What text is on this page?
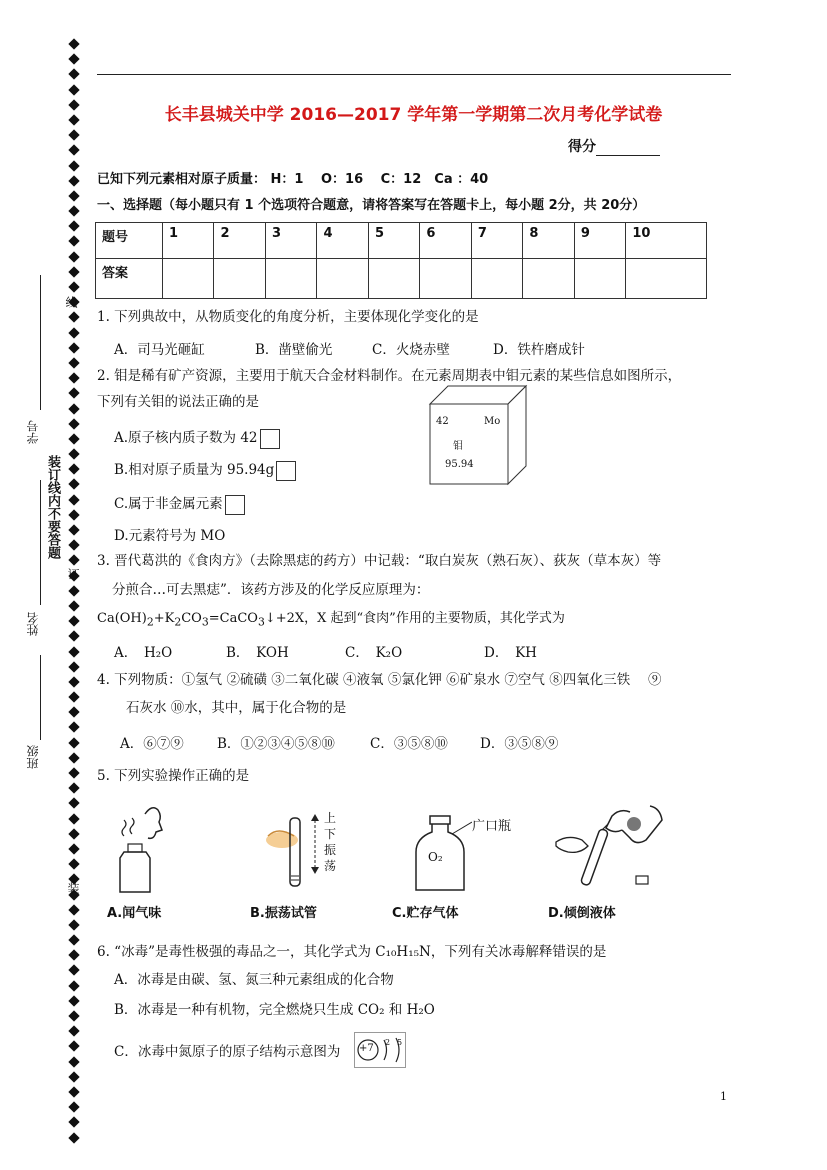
长丰县城关中学 2016—2017 学年第一学期第二次月考化学试卷
得分
已知下列元素相对原子质量： H：1　 O：16　 C：12　Ca ：40
一、选择题（每小题只有 1 个选项符合题意，请将答案写在答题卡上，每小题 2分，共 20分）
题号	1	2	3	4	5	6	7	8	9	10
答案										
1. 下列典故中，从物质变化的角度分析，主要体现化学变化的是
A．司马光砸缸	B．凿壁偷光	C．火烧赤壁	D．铁杵磨成针
2. 钼是稀有矿产资源，主要用于航天合金材料制作。在元素周期表中钼元素的某些信息如图所示，
下列有关钼的说法正确的是
A.原子核内质子数为 42
B.相对原子质量为 95.94g
C.属于非金属元素
D.元素符号为 MO
42	Mo
钼
95.94
3. 晋代葛洪的《食肉方》（去除黑痣的药方）中记载：“取白炭灰（熟石灰）、荻灰（草本灰）等
分煎合…可去黑痣”．该药方涉及的化学反应原理为：
$Ca(OH)_2+K_2CO_3=CaCO_3↓+2X$，X 起到“食肉”作用的主要物质，其化学式为
A．　H₂O	B．　KOH	C．　K₂O	D．　KH
4. 下列物质：①氢气 ②硫磺 ③二氧化碳 ④液氧 ⑤氯化钾 ⑥矿泉水 ⑦空气 ⑧四氧化三铁　 ⑨
石灰水 ⑩水，其中，属于化合物的是
A．⑥⑦⑨ B．①②③④⑤⑧⑩	C．③⑤⑧⑩ D．③⑤⑧⑨
5. 下列实验操作正确的是
A.闻气味
上
下
振
荡
B.振荡试管
广口瓶
O₂
C.贮存气体	D.倾倒液体
6. “冰毒”是毒性极强的毒品之一，其化学式为 C₁₀H₁₅N，下列有关冰毒解释错误的是
A．冰毒是由碳、氢、氮三种元素组成的化合物
B．冰毒是一种有机物，完全燃烧只生成 CO₂ 和 H₂O
C．冰毒中氮原子的原子结构示意图为 +7
2 5
1
线
订
装
装订线内不要答题
学号
姓名
班级
